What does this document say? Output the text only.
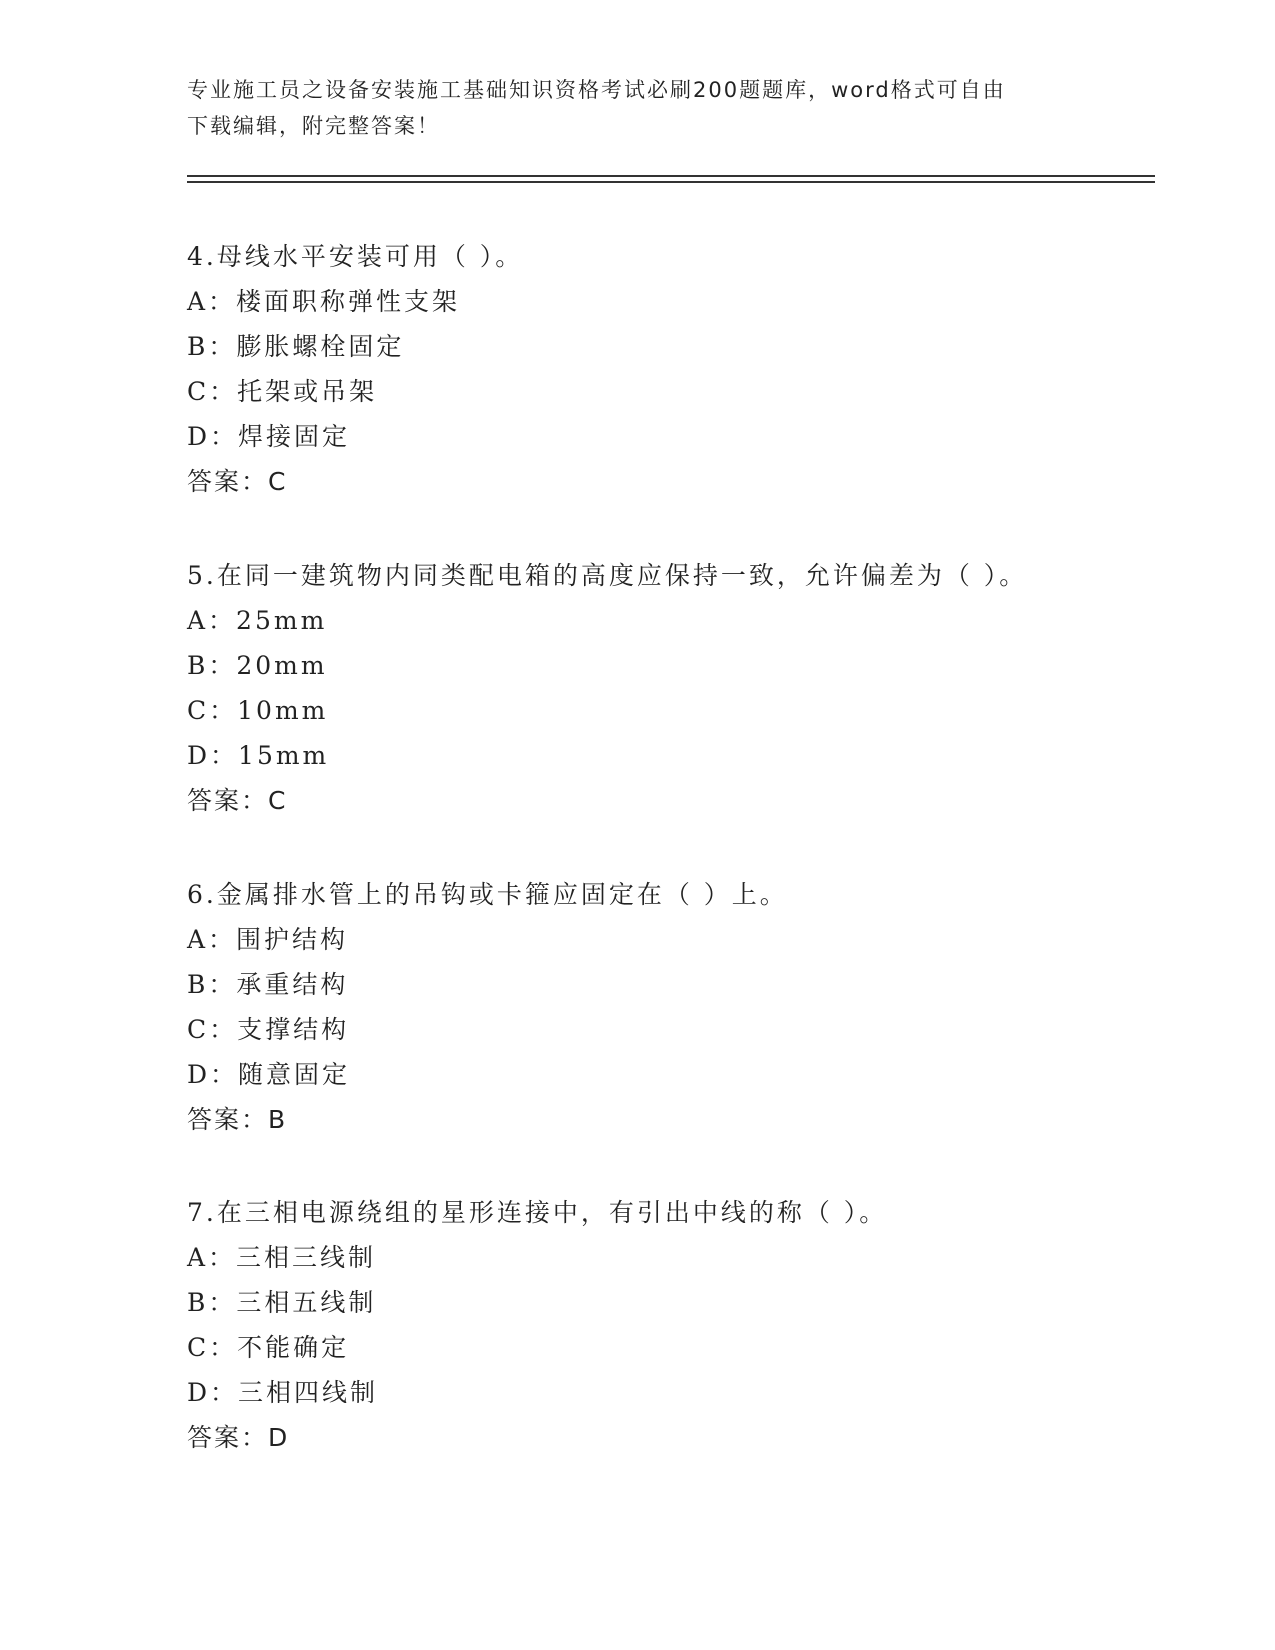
专业施工员之设备安装施工基础知识资格考试必刷200题题库，word格式可自由
下载编辑，附完整答案！
4.母线水平安装可用（ ）。
A：楼面职称弹性支架
B：膨胀螺栓固定
C：托架或吊架
D：焊接固定
答案：C
5.在同一建筑物内同类配电箱的高度应保持一致，允许偏差为（ ）。
A：25mm
B：20mm
C：10mm
D：15mm
答案：C
6.金属排水管上的吊钩或卡箍应固定在（ ）上。
A：围护结构
B：承重结构
C：支撑结构
D：随意固定
答案：B
7.在三相电源绕组的星形连接中，有引出中线的称（ ）。
A：三相三线制
B：三相五线制
C：不能确定
D：三相四线制
答案：D
